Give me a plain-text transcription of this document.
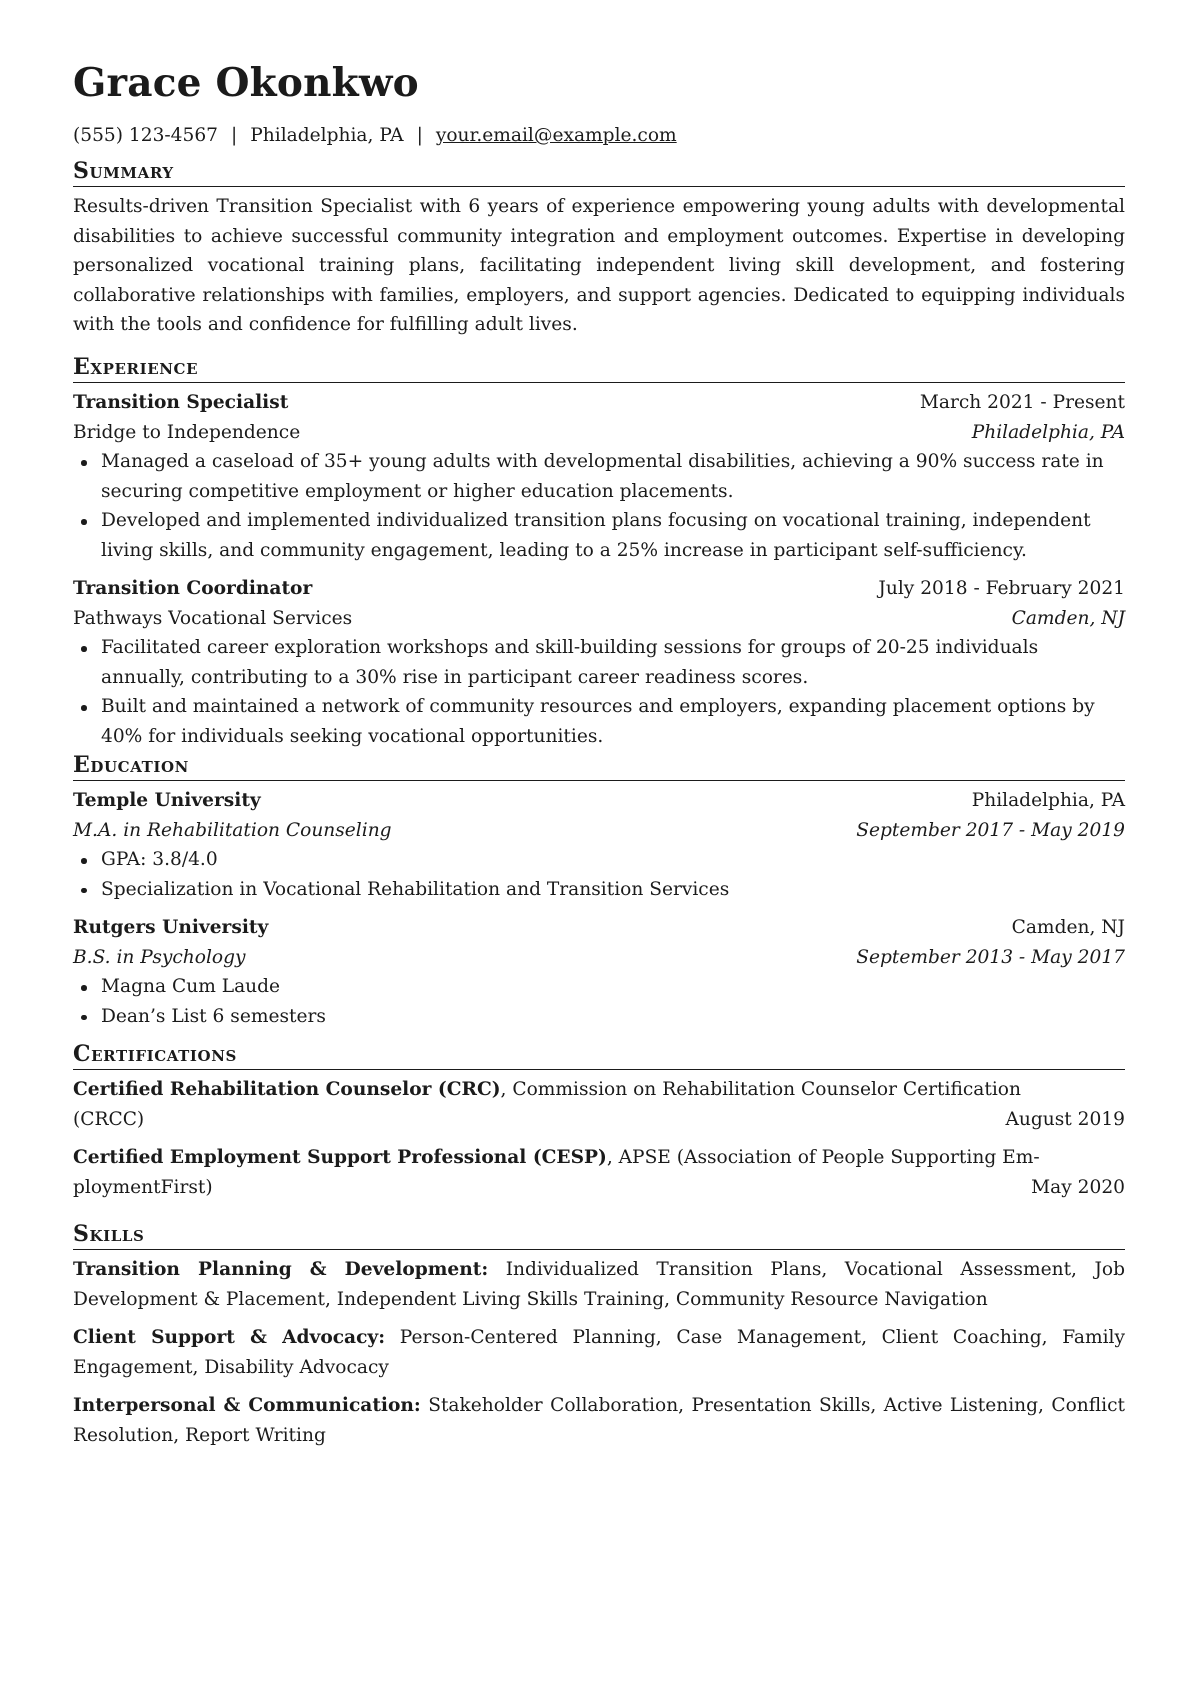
Grace Okonkwo
(555) 123-4567 | Philadelphia, PA | your.email@example.com
Summary

Results-driven Transition Specialist with 6 years of experience empowering young adults with developmental disabilities to achieve successful community integration and employment outcomes. Expertise in developing personalized vocational training plans, facilitating independent living skill development, and fostering collaborative relationships with families, employers, and support agencies. Dedicated to equipping individuals with the tools and confidence for fulfilling adult lives.

Experience
Transition Specialist	March 2021 - Present
Bridge to Independence	Philadelphia, PA
Managed a caseload of 35+ young adults with developmental disabilities, achieving a 90% success rate in securing competitive employment or higher education placements.
Developed and implemented individualized transition plans focusing on vocational training, independent living skills, and community engagement, leading to a 25% increase in participant self-sufficiency.
Transition Coordinator	July 2018 - February 2021
Pathways Vocational Services	Camden, NJ
Facilitated career exploration workshops and skill-building sessions for groups of 20-25 individuals annually, contributing to a 30% rise in participant career readiness scores.
Built and maintained a network of community resources and employers, expanding placement options by 40% for individuals seeking vocational opportunities.
Education
Temple University	Philadelphia, PA
M.A. in Rehabilitation Counseling	September 2017 - May 2019
GPA: 3.8/4.0
Specialization in Vocational Rehabilitation and Transition Services
Rutgers University	Camden, NJ
B.S. in Psychology	September 2013 - May 2017
Magna Cum Laude
Dean’s List 6 semesters
Certifications
Certified Rehabilitation Counselor (CRC), Commission on Rehabilitation Counselor Certification
(CRCC)	August 2019
Certified Employment Support Professional (CESP), APSE (Association of People Supporting Em-
ploymentFirst)	May 2020
Skills

Transition Planning & Development: Individualized Transition Plans, Vocational Assessment, Job Development & Placement, Independent Living Skills Training, Community Resource Navigation

Client Support & Advocacy: Person-Centered Planning, Case Management, Client Coaching, Family Engagement, Disability Advocacy

Interpersonal & Communication: Stakeholder Collaboration, Presentation Skills, Active Listening, Conflict Resolution, Report Writing
